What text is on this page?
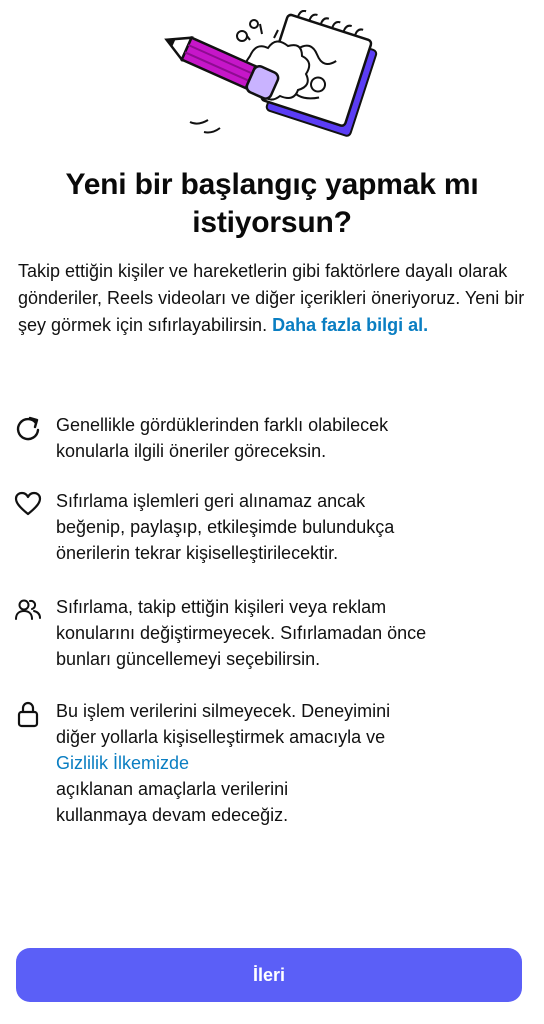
Yeni bir başlangıç yapmak mı
istiyorsun?

Takip ettiğin kişiler ve hareketlerin gibi faktörlere dayalı olarak gönderiler, Reels videoları ve diğer içerikleri öneriyoruz. Yeni bir şey görmek için sıfırlayabilirsin. Daha fazla bilgi al.

Genellikle gördüklerinden farklı olabilecek
konularla ilgili öneriler göreceksin.

Sıfırlama işlemleri geri alınamaz ancak
beğenip, paylaşıp, etkileşimde bulundukça
önerilerin tekrar kişiselleştirilecektir.

Sıfırlama, takip ettiğin kişileri veya reklam
konularını değiştirmeyecek. Sıfırlamadan önce
bunları güncellemeyi seçebilirsin.

Bu işlem verilerini silmeyecek. Deneyimini
diğer yollarla kişiselleştirmek amacıyla ve
Gizlilik İlkemizde
açıklanan amaçlarla verilerini
kullanmaya devam edeceğiz.

İleri
